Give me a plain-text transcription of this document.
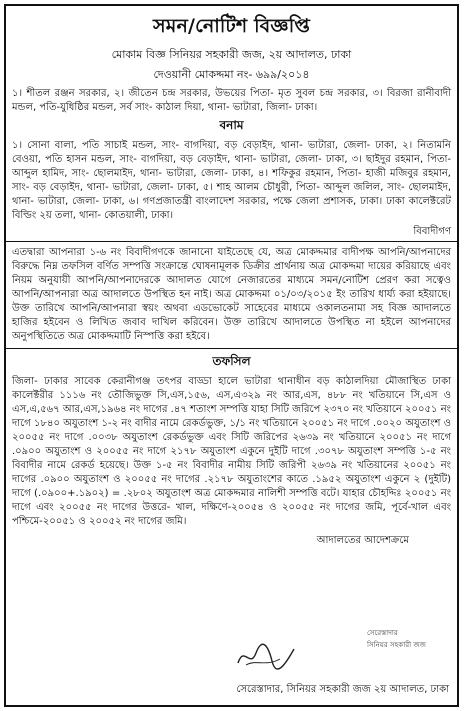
সমন/নোটিশ বিজ্ঞপ্তি
মোকাম বিজ্ঞ সিনিয়র সহকারী জজ, ২য় আদালত, ঢাকা
দেওয়ানী মোকদ্দমা নং- ৬৯৯/২০১৪
১। শীতল রঞ্জন সরকার, ২। জীতেন চন্দ্র সরকার, উভয়ের পিতা- মৃত সুবল চন্দ্র সরকার, ৩। বিরজা রানী মন্ডল, পতি-যুধিষ্ঠির মন্ডল, সর্ব সাং- কাঠাল দিয়া, থানা- ভাটারা, জিলা- ঢাকা।
বাদী
বনাম
১। সোনা বালা, পতি সাচাই মন্ডল, সাং- বাগদিয়া, বড় বেড়াইদ, থানা- ভাটারা, জেলা- ঢাকা, ২। নিতামনি বেওয়া, পতি হাসন মন্ডল, সাং- বাগদিয়া, বড় বেড়াইদ, থানা- ভাটারা, জেলা- ঢাকা, ৩। ছাইদুর রহমান, পিতা- আব্দুল হামিদ, সাং- ছোলমাইদ, থানা- ভাটারা, জেলা- ঢাকা, ৪। শফিকুর রহমান, পিতা- হাজী মজিবুর রহমান, সাং- বড় বেড়াইদ, থানা- ভাটারা, জেলা- ঢাকা, ৫। শাহ আলম চৌধুরী, পিতা- আব্দুল জলিল, সাং- ছোলমাইদ, থানা- ভাটারা, জেলা- ঢাকা, ৬। গণপ্রজাতন্ত্রী বাংলাদেশ সরকার, পক্ষে জেলা প্রশাসক, ঢাকা। ঢাকা কালেক্টরেট বিল্ডিং ২য় তলা, থানা- কোতয়ালী, ঢাকা।
বিবাদীগণ
এতদ্বারা আপনারা ১-৬ নং বিবাদীগণকে জানানো যাইতেছে যে, অত্র মোকদ্দমার বাদীপক্ষ আপনি/আপনাদের বিরুদ্ধে নিম্ন তফসিল বর্ণিত সম্পত্তি সংক্রান্তে ঘোষনামূলক ডিক্রীর প্রার্থনায় অত্র মোকদ্দমা দায়ের করিয়াছে এবং নিয়ম অনুযায়ী আপনি/আপনাদেরকে আদালত যোগে নেজারতের মাধ্যমে সমন/নোটিশ প্রেরণ করা সত্বেও আপনি/আপনারা অত্র আদালতে উপস্থিত হন নাই। অত্র মোকদ্দমা ০১/০৩/২০১৫ ইং তারিখ ধার্য্য করা হইয়াছে। উক্ত তারিখে আপনি/আপনারা স্বয়ং অথবা এডভোকেট সাহেবের মাধ্যমে ওকালতনামা সহ বিজ্ঞ আদালতে হাজির হইবেন ও লিখিত জবাব দাখিল করিবেন। উক্ত তারিখে আদালতে উপস্থিত না হইলে আপনাদের অনুপস্থিতিতে অত্র মোকদ্দমাটি নিস্পত্তি করা হইবে।
তফসিল
জিলা- ঢাকার সাবেক কেরানীগঞ্জ তৎপর বাড্ডা হালে ভাটারা থানাধীন বড় কাঠালদিয়া মৌজাস্থিত ঢাকা কালেক্টরীর ১১১৬ নং তৌজিভুক্ত সি,এস,১৫৬, এস,এ৩২৯ নং আর,এস, ৪৮৮ নং খতিয়ানে সি,এস ও এস,এ,৫৬৭ আর,এস,১৯৬৪ নং দাগের .৪৭ শতাংশ সম্পত্তি যাহা সিটি জরিপে ২৩৭০ নং খতিয়ানে ২০০৫১ নং দাগে ১৮৪০ অযুতাংশ ১-২ নং বাদীর নামে রেকর্ডভুক্ত, ১/১ নং খতিয়ানে ২০০৫১ নং দাগে .০০২০ অযুতাংশ ও ২০০৫৫ নং দাগে .০০৩৮ অযুতাংশ রেকর্ডভুক্ত এবং সিটি জরিপের ২৬৩৯ নং খতিয়ানে ২০০৫১ নং দাগে .০৯০০ অযুতাংশ ও ২০০৫৫ নং দাগে ২১৭৮ অযুতাংশ একুনে দুইটি দাগে .৩০৭৮ অযুতাংশ সম্পত্তি ১-৫ নং বিবাদীর নামে রেকর্ড হয়েছে। উক্ত ১-৫ নং বিবাদীর নামীয় সিটি জরিপী ২৬৩৯ নং খতিয়ানের ২০০৫১ নং দাগের .০৯০০ অযুতাংশ ও ২০০৫৫ নং দাগের .২১৭৮ অযুতাংশের কাতে .১৯৫২ অযুতাংশ একুনে ২ (দুইটি) দাগে (.০৯০০+.১৯০২) = .২৮০২ অযুতাংশ অত্র মোকদ্দমার নালিশী সম্পত্তি বটে। যাহার চৌহদ্দিঃ ২০০৫১ নং দাগে এবং ২০০৫৫ নং দাগের উত্তরে- খাল, দক্ষিণে-২০০৫৪ ও ২০০৫৫ নং দাগের জমি, পূর্বে-খাল এবং পশ্চিমে-২০০৫১ ও ২০০৫২ নং দাগের জমি।
আদালতের আদেশক্রমে
সেরেস্তাদার
সিনিয়র সহকারী জজ
সেরেস্তাদার, সিনিয়র সহকারী জজ ২য় আদালত, ঢাকা
